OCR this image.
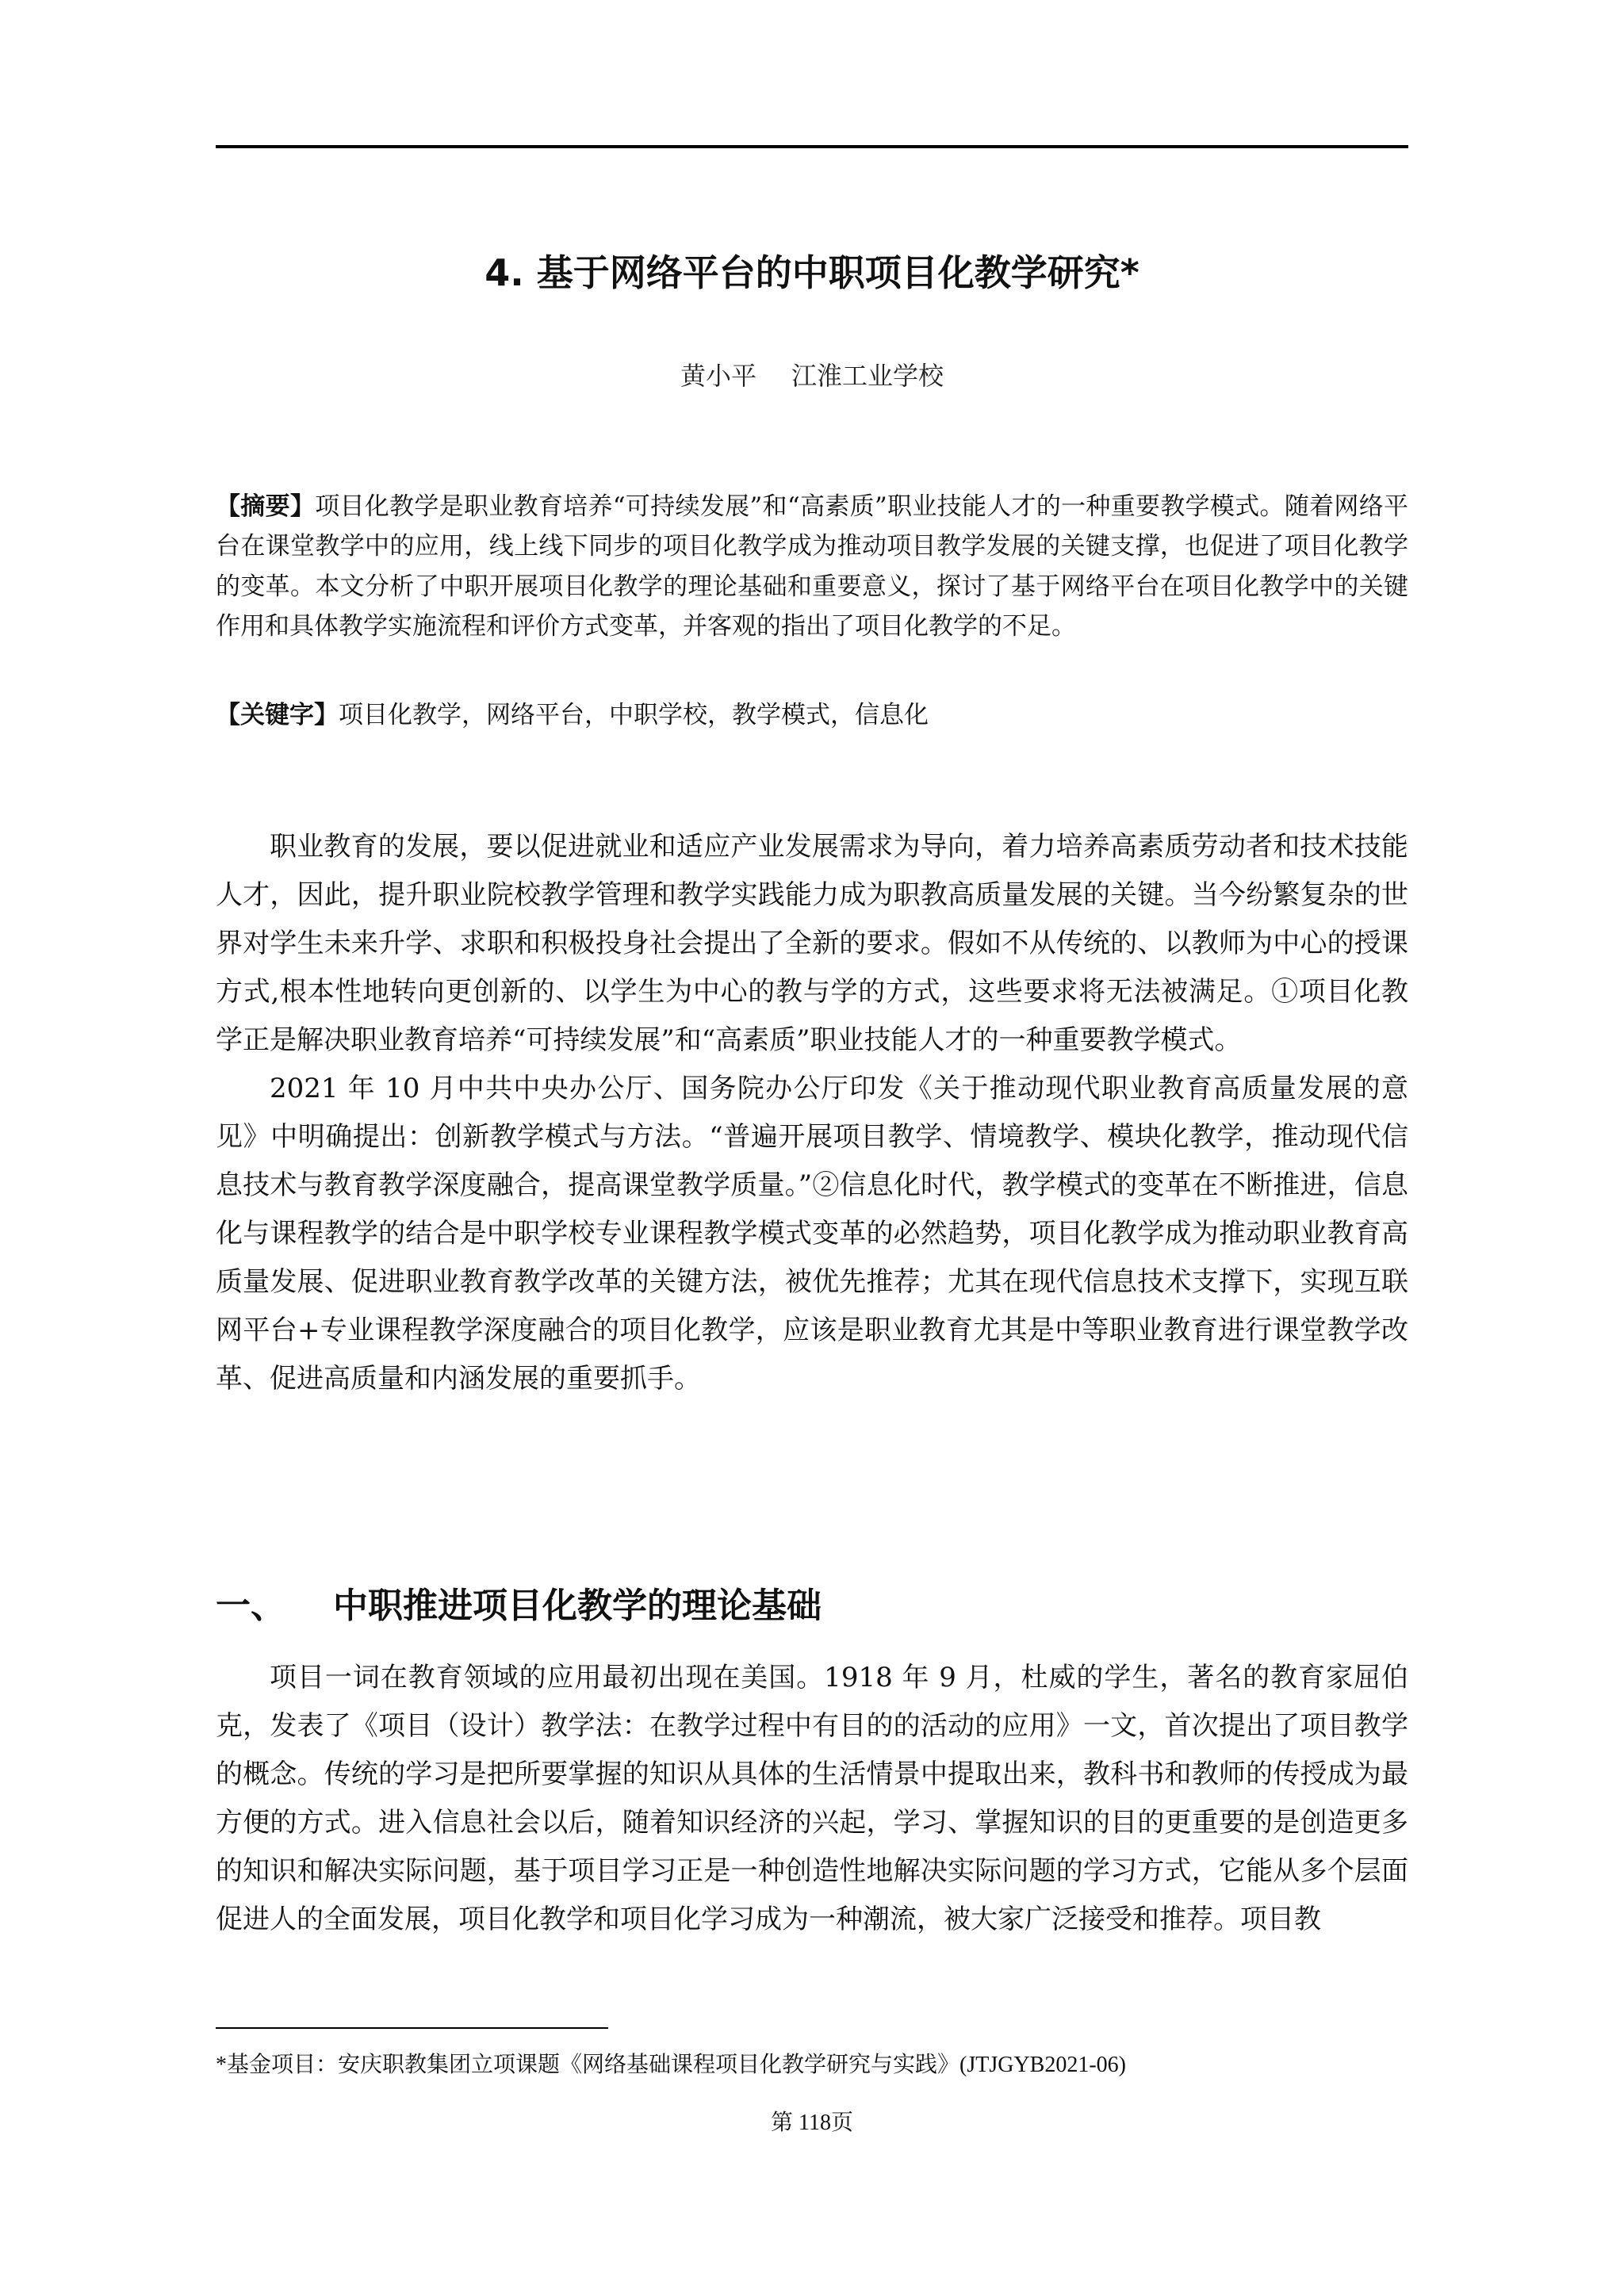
4. 基于网络平台的中职项目化教学研究*
黄小平 江淮工业学校
【摘要】项目化教学是职业教育培养“可持续发展”和“高素质”职业技能人才的一种重要教学模式。随着网络平台在课堂教学中的应用，线上线下同步的项目化教学成为推动项目教学发展的关键支撑，也促进了项目化教学的变革。本文分析了中职开展项目化教学的理论基础和重要意义，探讨了基于网络平台在项目化教学中的关键作用和具体教学实施流程和评价方式变革，并客观的指出了项目化教学的不足。
【关键字】项目化教学，网络平台，中职学校，教学模式，信息化

职业教育的发展，要以促进就业和适应产业发展需求为导向，着力培养高素质劳动者和技术技能人才，因此，提升职业院校教学管理和教学实践能力成为职教高质量发展的关键。当今纷繁复杂的世界对学生未来升学、求职和积极投身社会提出了全新的要求。假如不从传统的、以教师为中心的授课方式,根本性地转向更创新的、以学生为中心的教与学的方式，这些要求将无法被满足。①项目化教学正是解决职业教育培养“可持续发展”和“高素质”职业技能人才的一种重要教学模式。

2021 年 10 月中共中央办公厅、国务院办公厅印发《关于推动现代职业教育高质量发展的意见》中明确提出：创新教学模式与方法。“普遍开展项目教学、情境教学、模块化教学，推动现代信息技术与教育教学深度融合，提高课堂教学质量。”②信息化时代，教学模式的变革在不断推进，信息化与课程教学的结合是中职学校专业课程教学模式变革的必然趋势，项目化教学成为推动职业教育高质量发展、促进职业教育教学改革的关键方法，被优先推荐；尤其在现代信息技术支撑下，实现互联网平台+专业课程教学深度融合的项目化教学，应该是职业教育尤其是中等职业教育进行课堂教学改革、促进高质量和内涵发展的重要抓手。

一、 中职推进项目化教学的理论基础

项目一词在教育领域的应用最初出现在美国。1918 年 9 月，杜威的学生，著名的教育家屈伯克，发表了《项目（设计）教学法：在教学过程中有目的的活动的应用》一文，首次提出了项目教学的概念。传统的学习是把所要掌握的知识从具体的生活情景中提取出来，教科书和教师的传授成为最方便的方式。进入信息社会以后，随着知识经济的兴起，学习、掌握知识的目的更重要的是创造更多的知识和解决实际问题，基于项目学习正是一种创造性地解决实际问题的学习方式，它能从多个层面促进人的全面发展，项目化教学和项目化学习成为一种潮流，被大家广泛接受和推荐。项目教

*基金项目：安庆职教集团立项课题《网络基础课程项目化教学研究与实践》(JTJGYB2021-06)
第 118页
